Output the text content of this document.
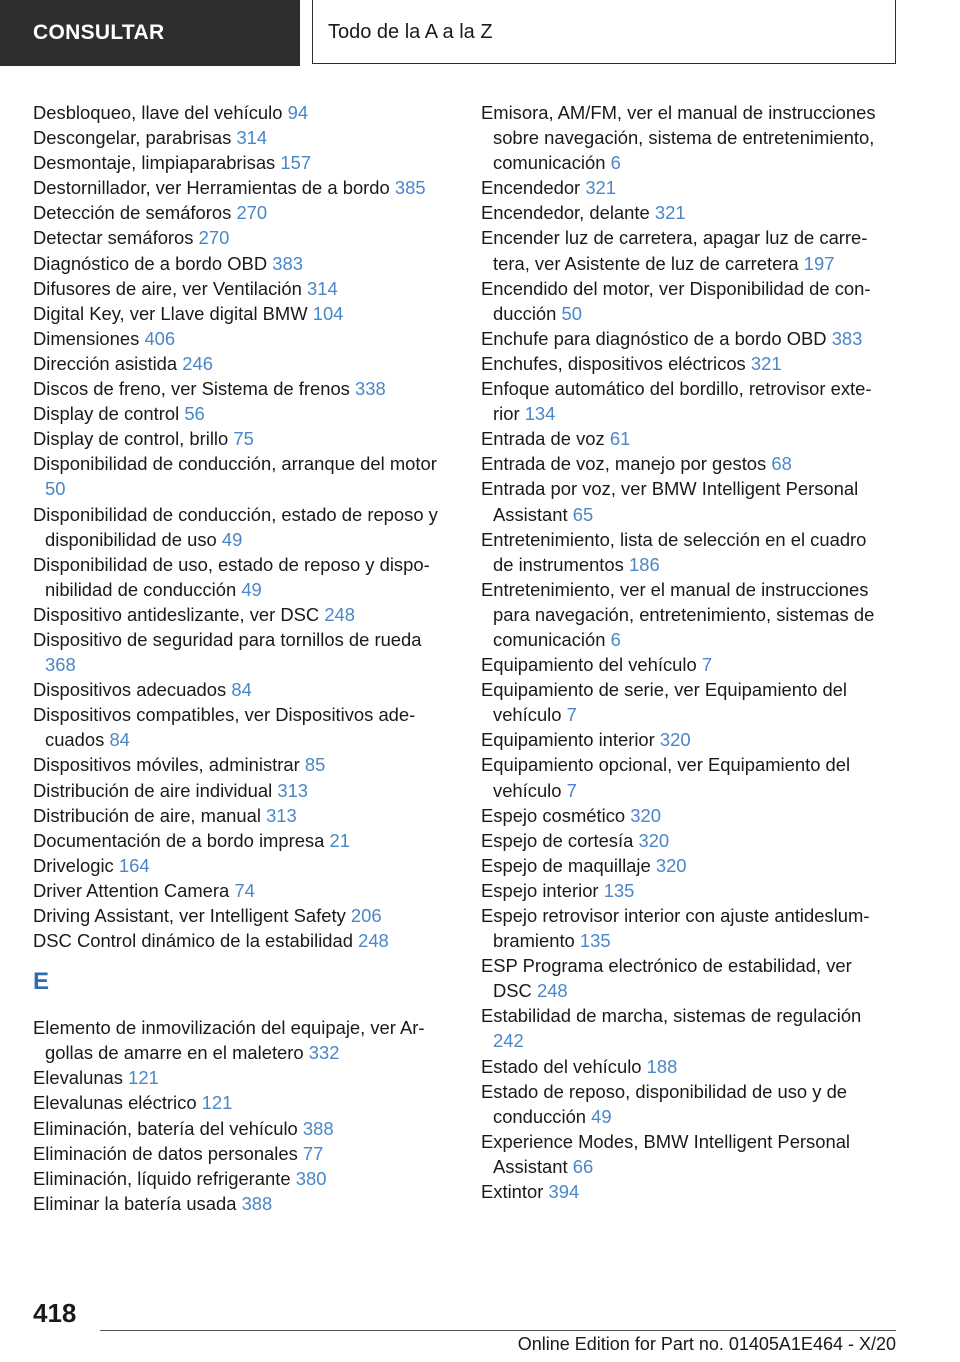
CONSULTAR	Todo de la A a la Z
Desbloqueo, llave del vehículo 94
Descongelar, parabrisas 314
Desmontaje, limpiaparabrisas 157
Destornillador, ver Herramientas de a bordo 385
Detección de semáforos 270
Detectar semáforos 270
Diagnóstico de a bordo OBD 383
Difusores de aire, ver Ventilación 314
Digital Key, ver Llave digital BMW 104
Dimensiones 406
Dirección asistida 246
Discos de freno, ver Sistema de frenos 338
Display de control 56
Display de control, brillo 75
Disponibilidad de conducción, arranque del motor 50
Disponibilidad de conducción, estado de reposo y disponibilidad de uso 49
Disponibilidad de uso, estado de reposo y disponibilidad de conducción 49
Dispositivo antideslizante, ver DSC 248
Dispositivo de seguridad para tornillos de rueda 368
Dispositivos adecuados 84
Dispositivos compatibles, ver Dispositivos adecuados 84
Dispositivos móviles, administrar 85
Distribución de aire individual 313
Distribución de aire, manual 313
Documentación de a bordo impresa 21
Drivelogic 164
Driver Attention Camera 74
Driving Assistant, ver Intelligent Safety 206
DSC Control dinámico de la estabilidad 248
E
Elemento de inmovilización del equipaje, ver Argollas de amarre en el maletero 332
Elevalunas 121
Elevalunas eléctrico 121
Eliminación, batería del vehículo 388
Eliminación de datos personales 77
Eliminación, líquido refrigerante 380
Eliminar la batería usada 388
Emisora, AM/FM, ver el manual de instrucciones sobre navegación, sistema de entretenimiento, comunicación 6
Encendedor 321
Encendedor, delante 321
Encender luz de carretera, apagar luz de carretera, ver Asistente de luz de carretera 197
Encendido del motor, ver Disponibilidad de conducción 50
Enchufe para diagnóstico de a bordo OBD 383
Enchufes, dispositivos eléctricos 321
Enfoque automático del bordillo, retrovisor exterior 134
Entrada de voz 61
Entrada de voz, manejo por gestos 68
Entrada por voz, ver BMW Intelligent Personal Assistant 65
Entretenimiento, lista de selección en el cuadro de instrumentos 186
Entretenimiento, ver el manual de instrucciones para navegación, entretenimiento, sistemas de comunicación 6
Equipamiento del vehículo 7
Equipamiento de serie, ver Equipamiento del vehículo 7
Equipamiento interior 320
Equipamiento opcional, ver Equipamiento del vehículo 7
Espejo cosmético 320
Espejo de cortesía 320
Espejo de maquillaje 320
Espejo interior 135
Espejo retrovisor interior con ajuste antideslumbramiento 135
ESP Programa electrónico de estabilidad, ver DSC 248
Estabilidad de marcha, sistemas de regulación 242
Estado del vehículo 188
Estado de reposo, disponibilidad de uso y de conducción 49
Experience Modes, BMW Intelligent Personal Assistant 66
Extintor 394
418
Online Edition for Part no. 01405A1E464 - X/20
